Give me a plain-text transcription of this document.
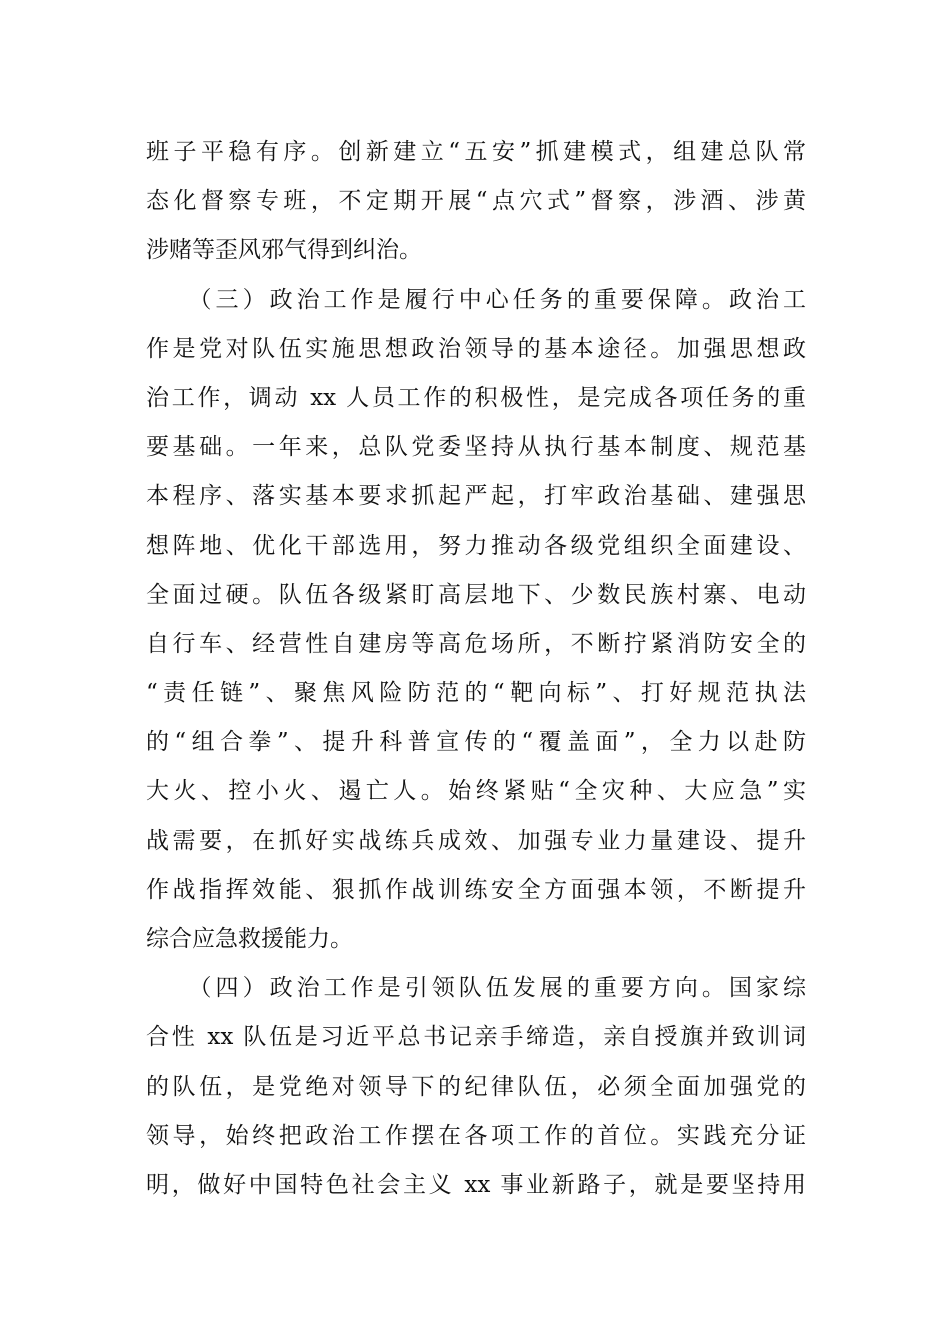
班子平稳有序。创新建立“五安”抓建模式，组建总队常
态化督察专班，不定期开展“点穴式”督察，涉酒、涉黄
涉赌等歪风邪气得到纠治。
　　（三）政治工作是履行中心任务的重要保障。政治工
作是党对队伍实施思想政治领导的基本途径。加强思想政
治工作，调动 xx 人员工作的积极性，是完成各项任务的重
要基础。一年来，总队党委坚持从执行基本制度、规范基
本程序、落实基本要求抓起严起，打牢政治基础、建强思
想阵地、优化干部选用，努力推动各级党组织全面建设、
全面过硬。队伍各级紧盯高层地下、少数民族村寨、电动
自行车、经营性自建房等高危场所，不断拧紧消防安全的
“责任链”、聚焦风险防范的“靶向标”、打好规范执法
的“组合拳”、提升科普宣传的“覆盖面”，全力以赴防
大火、控小火、遏亡人。始终紧贴“全灾种、大应急”实
战需要，在抓好实战练兵成效、加强专业力量建设、提升
作战指挥效能、狠抓作战训练安全方面强本领，不断提升
综合应急救援能力。
　　（四）政治工作是引领队伍发展的重要方向。国家综
合性 xx 队伍是习近平总书记亲手缔造，亲自授旗并致训词
的队伍，是党绝对领导下的纪律队伍，必须全面加强党的
领导，始终把政治工作摆在各项工作的首位。实践充分证
明，做好中国特色社会主义 xx 事业新路子，就是要坚持用
